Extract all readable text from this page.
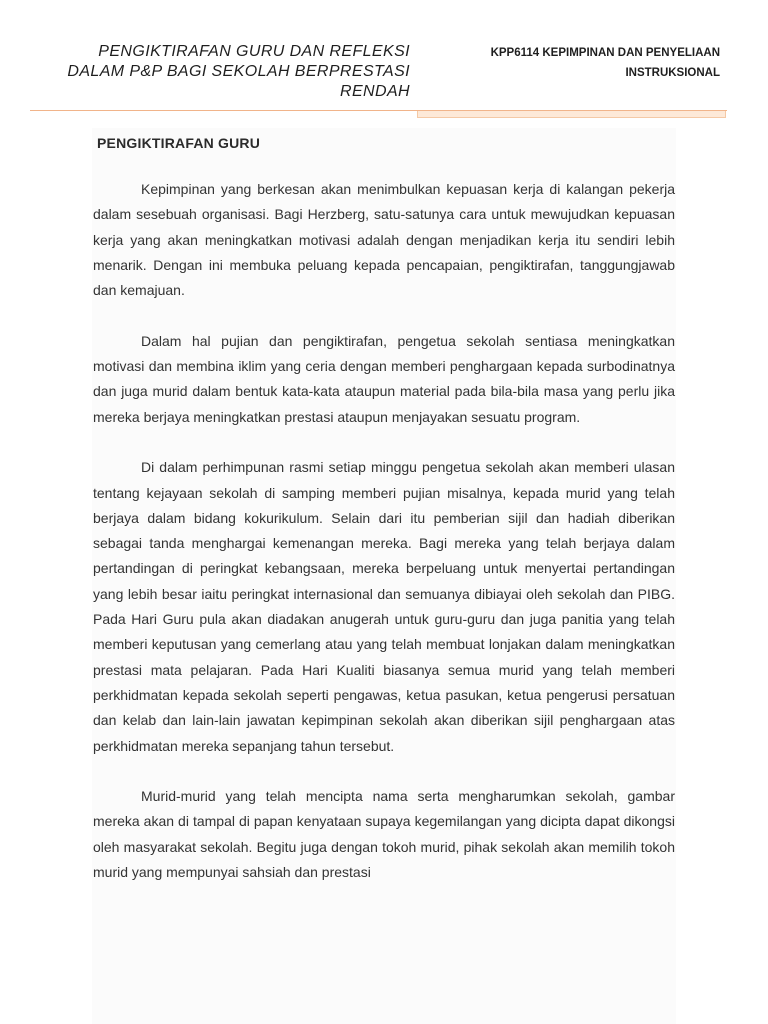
PENGIKTIRAFAN GURU DAN REFLEKSI
DALAM P&P BAGI SEKOLAH BERPRESTASI
RENDAH
KPP6114 KEPIMPINAN DAN PENYELIAAN
INSTRUKSIONAL
PENGIKTIRAFAN GURU

Kepimpinan yang berkesan akan menimbulkan kepuasan kerja di kalangan pekerja dalam sesebuah organisasi. Bagi Herzberg, satu-satunya cara untuk mewujudkan kepuasan kerja yang akan meningkatkan motivasi adalah dengan menjadikan kerja itu sendiri lebih menarik. Dengan ini membuka peluang kepada pencapaian, pengiktirafan, tanggungjawab dan kemajuan.

Dalam hal pujian dan pengiktirafan, pengetua sekolah sentiasa meningkatkan motivasi dan membina iklim yang ceria dengan memberi penghargaan kepada surbodinatnya dan juga murid dalam bentuk kata-kata ataupun material pada bila-bila masa yang perlu jika mereka berjaya meningkatkan prestasi ataupun menjayakan sesuatu program.

Di dalam perhimpunan rasmi setiap minggu pengetua sekolah akan memberi ulasan tentang kejayaan sekolah di samping memberi pujian misalnya, kepada murid yang telah berjaya dalam bidang kokurikulum. Selain dari itu pemberian sijil dan hadiah diberikan sebagai tanda menghargai kemenangan mereka. Bagi mereka yang telah berjaya dalam pertandingan di peringkat kebangsaan, mereka berpeluang untuk menyertai pertandingan yang lebih besar iaitu peringkat internasional dan semuanya dibiayai oleh sekolah dan PIBG. Pada Hari Guru pula akan diadakan anugerah untuk guru-guru dan juga panitia yang telah memberi keputusan yang cemerlang atau yang telah membuat lonjakan dalam meningkatkan prestasi mata pelajaran. Pada Hari Kualiti biasanya semua murid yang telah memberi perkhidmatan kepada sekolah seperti pengawas, ketua pasukan, ketua pengerusi persatuan dan kelab dan lain-lain jawatan kepimpinan sekolah akan diberikan sijil penghargaan atas perkhidmatan mereka sepanjang tahun tersebut.

Murid-murid yang telah mencipta nama serta mengharumkan sekolah, gambar mereka akan di tampal di papan kenyataan supaya kegemilangan yang dicipta dapat dikongsi oleh masyarakat sekolah. Begitu juga dengan tokoh murid, pihak sekolah akan memilih tokoh murid yang mempunyai sahsiah dan prestasi
